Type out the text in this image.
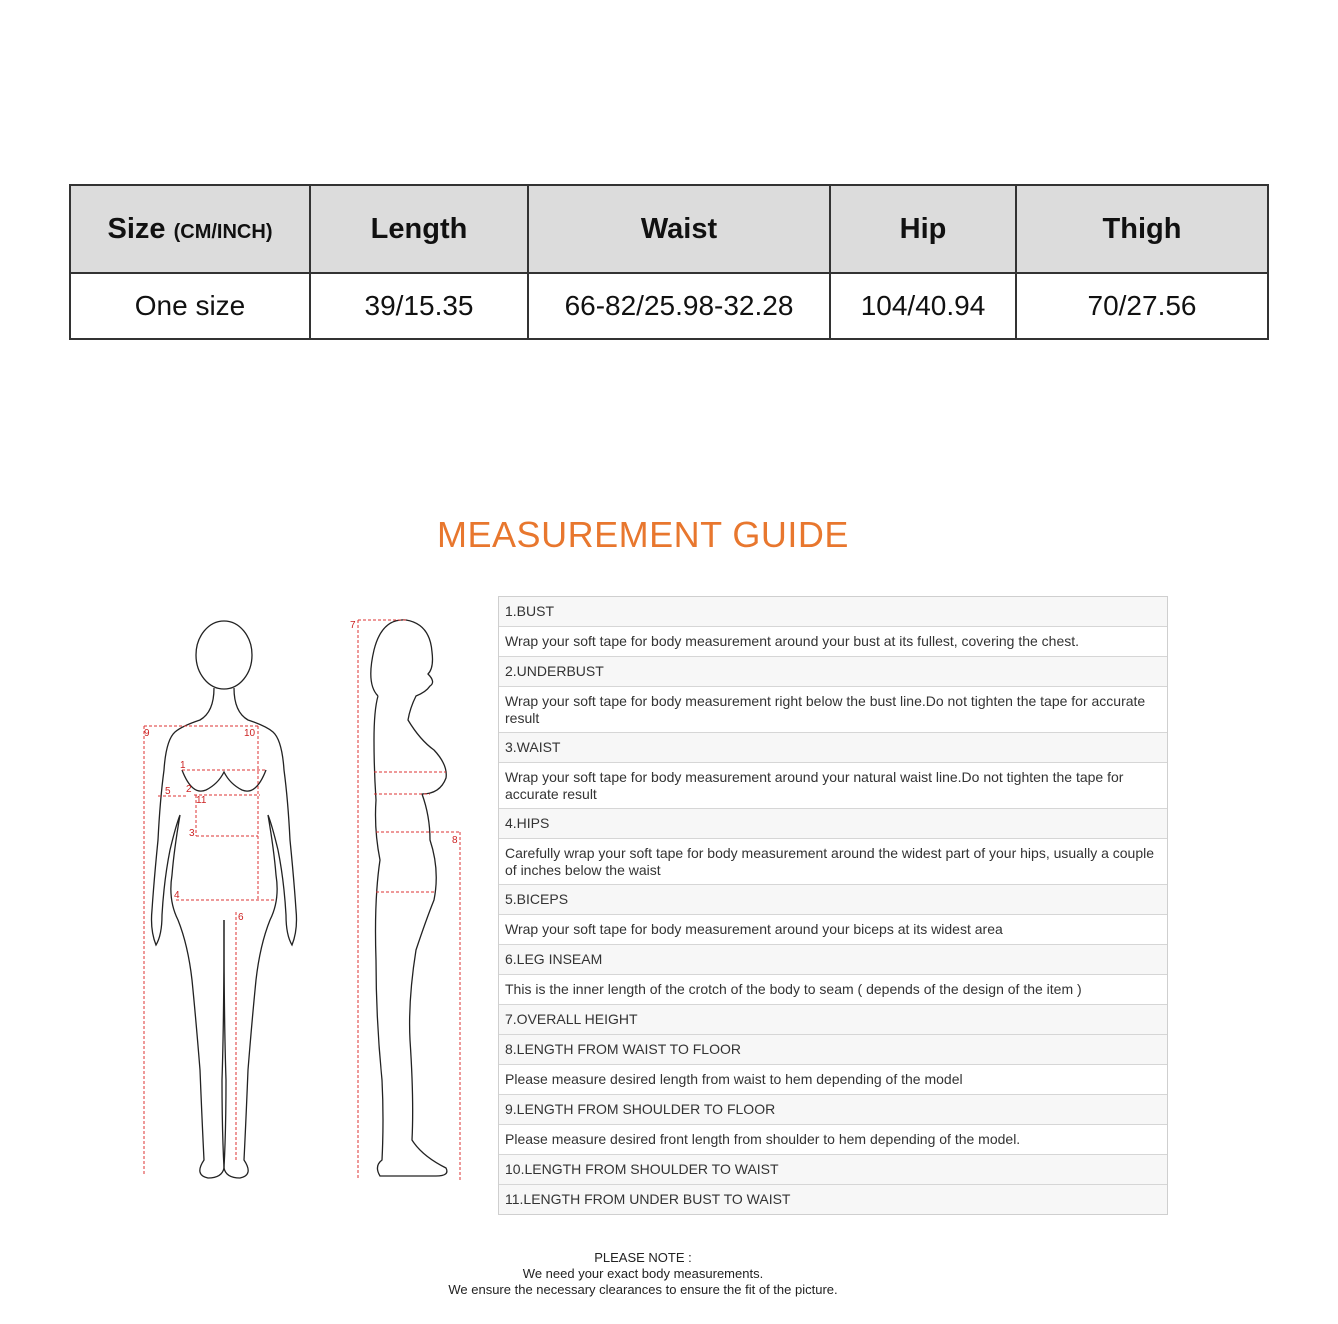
Size (CM/INCH)	Length	Waist	Hip	Thigh
One size	39/15.35	66-82/25.98-32.28	104/40.94	70/27.56
MEASUREMENT GUIDE
9	10
1
5 2
11
3
4
6
7
8
1.BUST
Wrap your soft tape for body measurement around your bust at its fullest, covering the chest.
2.UNDERBUST
Wrap your soft tape for body measurement right below the bust line.Do not tighten the tape for accurate result
3.WAIST
Wrap your soft tape for body measurement around your natural waist line.Do not tighten the tape for accurate result
4.HIPS
Carefully wrap your soft tape for body measurement around the widest part of your hips, usually a couple of inches below the waist
5.BICEPS
Wrap your soft tape for body measurement around your biceps at its widest area
6.LEG INSEAM
This is the inner length of the crotch of the body to seam ( depends of the design of the item )
7.OVERALL HEIGHT
8.LENGTH FROM WAIST TO FLOOR
Please measure desired length from waist to hem depending of the model
9.LENGTH FROM SHOULDER TO FLOOR
Please measure desired front length from shoulder to hem depending of the model.
10.LENGTH FROM SHOULDER TO WAIST
11.LENGTH FROM UNDER BUST TO WAIST
PLEASE NOTE :
We need your exact body measurements.
We ensure the necessary clearances to ensure the fit of the picture.
